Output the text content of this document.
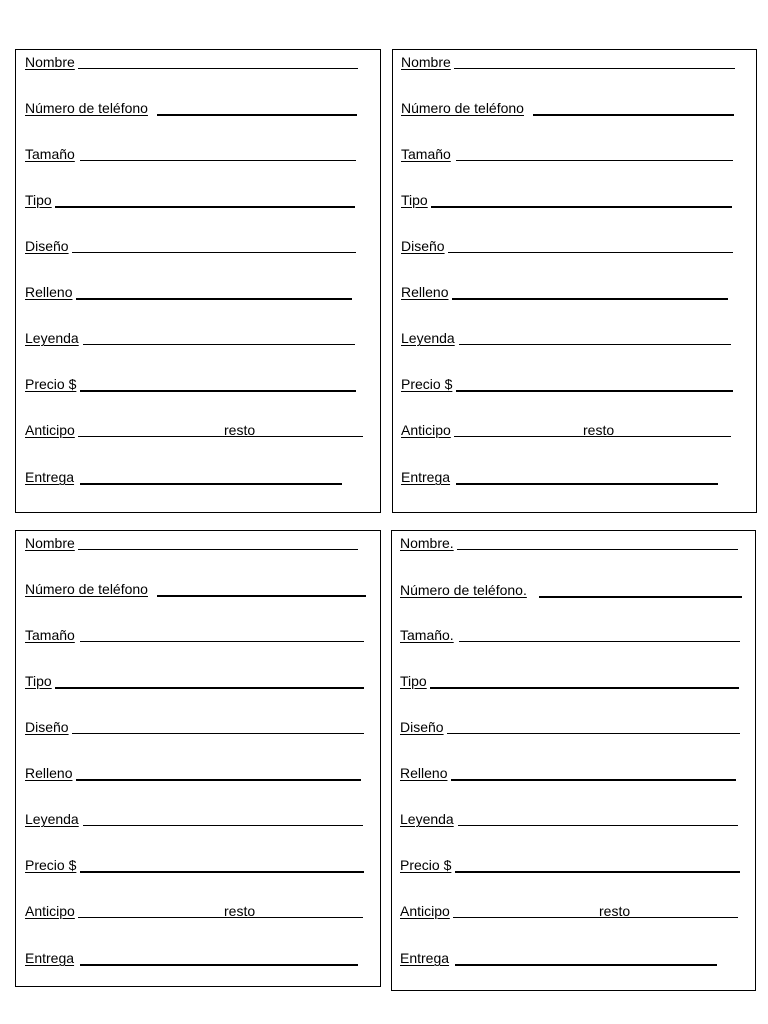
Nombre
Número de teléfono
Tamaño
Tipo
Diseño
Relleno
Leyenda
Precio $
Anticipo	resto
Entrega
Nombre
Número de teléfono
Tamaño
Tipo
Diseño
Relleno
Leyenda
Precio $
Anticipo	resto
Entrega
Nombre
Número de teléfono
Tamaño
Tipo
Diseño
Relleno
Leyenda
Precio $
Anticipo	resto
Entrega
Nombre.
Número de teléfono.
Tamaño.
Tipo
Diseño
Relleno
Leyenda
Precio $
Anticipo	resto
Entrega
